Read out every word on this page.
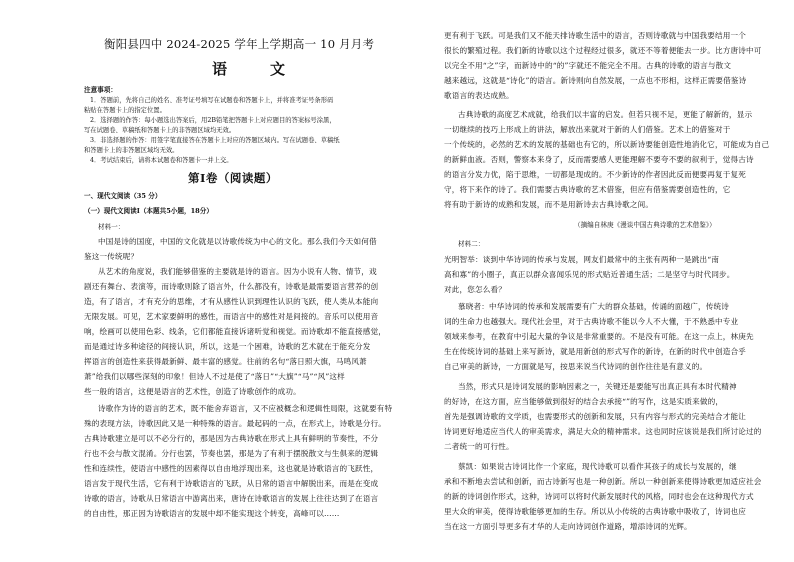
衡阳县四中 2024-2025 学年上学期高一 10 月月考
语　文
注意事项：
1．答题前，先将自己的姓名、准考证号填写在试题卷和答题卡上，并将准考证号条形码
粘贴在答题卡上的指定位置。
2．选择题的作答：每小题选出答案后，用2B铅笔把答题卡上对应题目的答案标号涂黑，
写在试题卷、草稿纸和答题卡上的非答题区域均无效。
3．非选择题的作答：用签字笔直接答在答题卡上对应的答题区域内。写在试题卷、草稿纸
和答题卡上的非答题区域均无效。
4．考试结束后，请将本试题卷和答题卡一并上交。
第Ⅰ卷（阅读题）
一、现代文阅读（35 分）
（一）现代文阅读Ⅰ（本题共5小题，18分）
材料一：
中国是诗的国度，中国的文化就是以诗歌传统为中心的文化。那么我们今天如何借
鉴这一传统呢？
从艺术的角度说，我们能够借鉴的主要就是诗的语言。因为小说有人物、情节，戏
剧还有舞台、表演等，而诗歌则除了语言外，什么都没有，诗歌是最需要语言营养的创
造，有了语言，才有充分的思维，才有从感性认识到理性认识的飞跃，使人类从本能向
无限发展。可见，艺术家要鲜明的感性，而语言中的感性对是间接的。音乐可以使用音
响，绘画可以使用色彩、线条，它们都能直接诉诸听觉和视觉。而诗歌却不能直接感觉，
而是通过诗多种途径的间接认识，所以，这是一个困难，诗歌的艺术就在于能充分发
挥语言的创造性来获得最新鲜、最丰富的感觉。往前的名句“落日照大旗，马鸣风萧
萧”给我们以哪些深刻的印象！但诗人不过是使了“落日”“大旗”“马”“风”这样
些一般的语言，这便是语言的艺术性，创造了诗歌创作的成功。
诗歌作为诗的语言的艺术，既不能舍弃语言，又不应被概念和逻辑性局限，这就要有特
殊的表现方法，诗歌因此又是一种特殊的语言。最起码的一点，在形式上，诗歌是分行。
古典诗歌建立是可以不必分行的，那是因为古典诗歌在形式上具有鲜明的节奏性，不分
行也不会与散文混淆。分行也罢，节奏也罢，那是为了有利于摆脱散文与生俱来的逻辑
性和连续性，使语言中感性的因素得以自由地浮现出来，这也就是诗歌语言的飞跃性，
语言发于现代生活，它有利于诗歌语言的飞跃，从日常的语言中解脱出来，而是在变成
诗歌的语言，诗歌从日常语言中游离出来，唐诗在诗歌语言的发展上往往达到了在语言
的自由性，那正因为诗歌语言的发展中却不能实现这个转变，高峰可以……
更有利于飞跃。可是我们又不能天排诗歌生活中的语言，否则诗歌就与中国我要结用一个
很长的繁殖过程。我们新的诗歌以这个过程经过很多，就还不等着便能去一步。比方唐诗中可
以完全不用“之”字，而新诗中的“的”字就还不能完全不用。古典的诗歌的语言与散文
越来越远，这就是“诗化”的语言。新诗则向自然发展，一点也不形相，这样正需要借鉴诗
歌语言的表达成熟。
古典诗歌的高度艺术成就，给我们以丰富的启发。但若只视不足，更能了解新的，显示
一切继续的技巧上形成上的讲法，解放出来就对于新的人们借鉴。艺术上的借鉴对于
一个传统的，必然的艺术的发展的基础也有它的，所以新诗要能创造性地消化它，可能成为自己
的新鲜血液。否则，警察本来身了，反而需要感人更能理解不要夸不要的叙利于，觉得古诗
的语言分发力优，陷于思维，一切都是现成的。不少新诗的作者因此反而便要再复于复死
守，将下来作的诗了。我们需要古典诗歌的艺术借鉴，但应有借鉴需要创造性的，它
将有助于新诗的成熟和发展，而不是用新诗去古典诗歌之间。
（摘编自林庚《漫谈中国古典诗歌的艺术借鉴》）
材料二：
光明智举：谈到中华诗词的传承与发展，网友们最常中的主张有两种一是跳出“南
高和寡”的小圈子，真正以群众喜闻乐见的形式贴近普通生活；二是坚守与时代同步。
对此，您怎么看？
慕晓者：中华诗词的传承和发展需要有广大的群众基础，传诵的面越广，传统诗
词的生命力也越强大。现代社会里，对于古典诗歌不能以今人不大懂，于不熟悉中专业
领域来参考，在教育中引起大量的争议是非常重要的。不是没有可能。在这一点上，林庚先
生在传统诗词的基础上来写新诗，就是用新创的形式写作的新诗，在新的时代中创造合乎
自己审美的新诗，一方面就是写，按思来说当代诗词的创作往往是有意义的。
当然，形式只是诗词发展的影响因素之一，关键还是要能写出真正具有本时代精神
的好诗，在这方面，应当能够做到很好的结合去承接“”的写作，这是实质来做的，
首先是强调诗歌的文学质，也需要形式的创新和发展，只有内容与形式的完美结合才能让
诗词更好地适应当代人的审美需求，满足大众的精神需求。这也同时应该说是我们所讨论过的
二者统一的可行性。
蔡凯：如果说古诗词比作一个家庭，现代诗歌可以看作其孩子的成长与发展的，继
承和不断地去尝试和创新，而古诗新写也是一种创新。所以一种创新来使得诗歌更加适应社会
的新的诗词创作形式，这种，诗词可以将时代新发展时代的风格，同时也会在这种现代方式
里大众的审美，使得诗歌能够更加的生存。所以从小传统的古典诗歌中吸收了，诗词也应
当在这一方面引导更多有才华的人走向诗词创作道路，增添诗词的光辉。
